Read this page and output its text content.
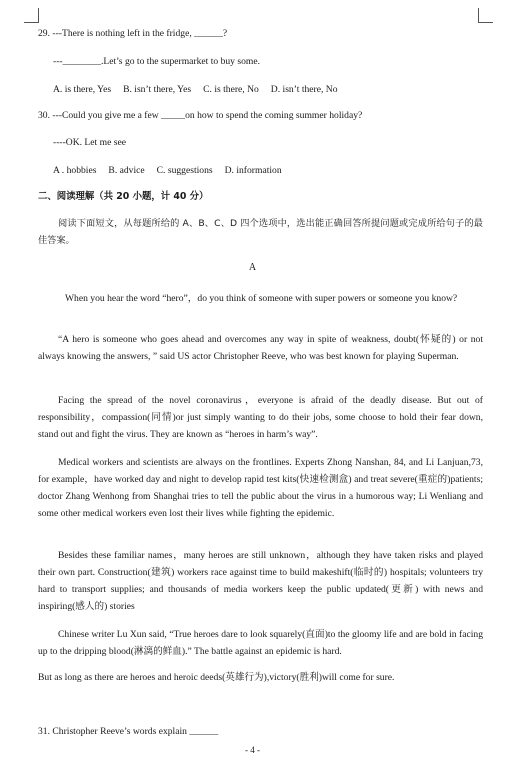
29. ---There is nothing left in the fridge, ______?
---________.Let’s go to the supermarket to buy some.
A. is there, Yes     B. isn’t there, Yes     C. is there, No     D. isn’t there, No
30. ---Could you give me a few _____on how to spend the coming summer holiday?
----OK. Let me see
A . hobbies     B. advice     C. suggestions     D. information
二、阅读理解（共 20 小题，计 40 分）
阅读下面短文，从每题所给的 A、B、C、D 四个选项中，选出能正确回答所提问题或完成所给句子的最佳答案。
A
When you hear the word “hero”，do you think of someone with super powers or someone you know?
“A hero is someone who goes ahead and overcomes any way in spite of weakness, doubt(怀疑的) or not always knowing the answers, ” said US actor Christopher Reeve, who was best known for playing Superman.
Facing the spread of the novel coronavirus，everyone is afraid of the deadly disease. But out of responsibility，compassion(同情)or just simply wanting to do their jobs, some choose to hold their fear down, stand out and fight the virus. They are known as “heroes in harm’s way”.
Medical workers and scientists are always on the frontlines. Experts Zhong Nanshan, 84, and Li Lanjuan,73, for example，have worked day and night to develop rapid test kits(快速检测盒) and treat severe(重症的)patients; doctor Zhang Wenhong from Shanghai tries to tell the public about the virus in a humorous way; Li Wenliang and some other medical workers even lost their lives while fighting the epidemic.
Besides these familiar names，many heroes are still unknown，although they have taken risks and played their own part. Construction(建筑) workers race against time to build makeshift(临时的) hospitals; volunteers try hard to transport supplies; and thousands of media workers keep the public updated(更新) with news and inspiring(感人的) stories
Chinese writer Lu Xun said, “True heroes dare to look squarely(直面)to the gloomy life and are bold in facing up to the dripping blood(淋漓的鲜血).” The battle against an epidemic is hard.
But as long as there are heroes and heroic deeds(英雄行为),victory(胜利)will come for sure.
31. Christopher Reeve’s words explain ______
- 4 -
